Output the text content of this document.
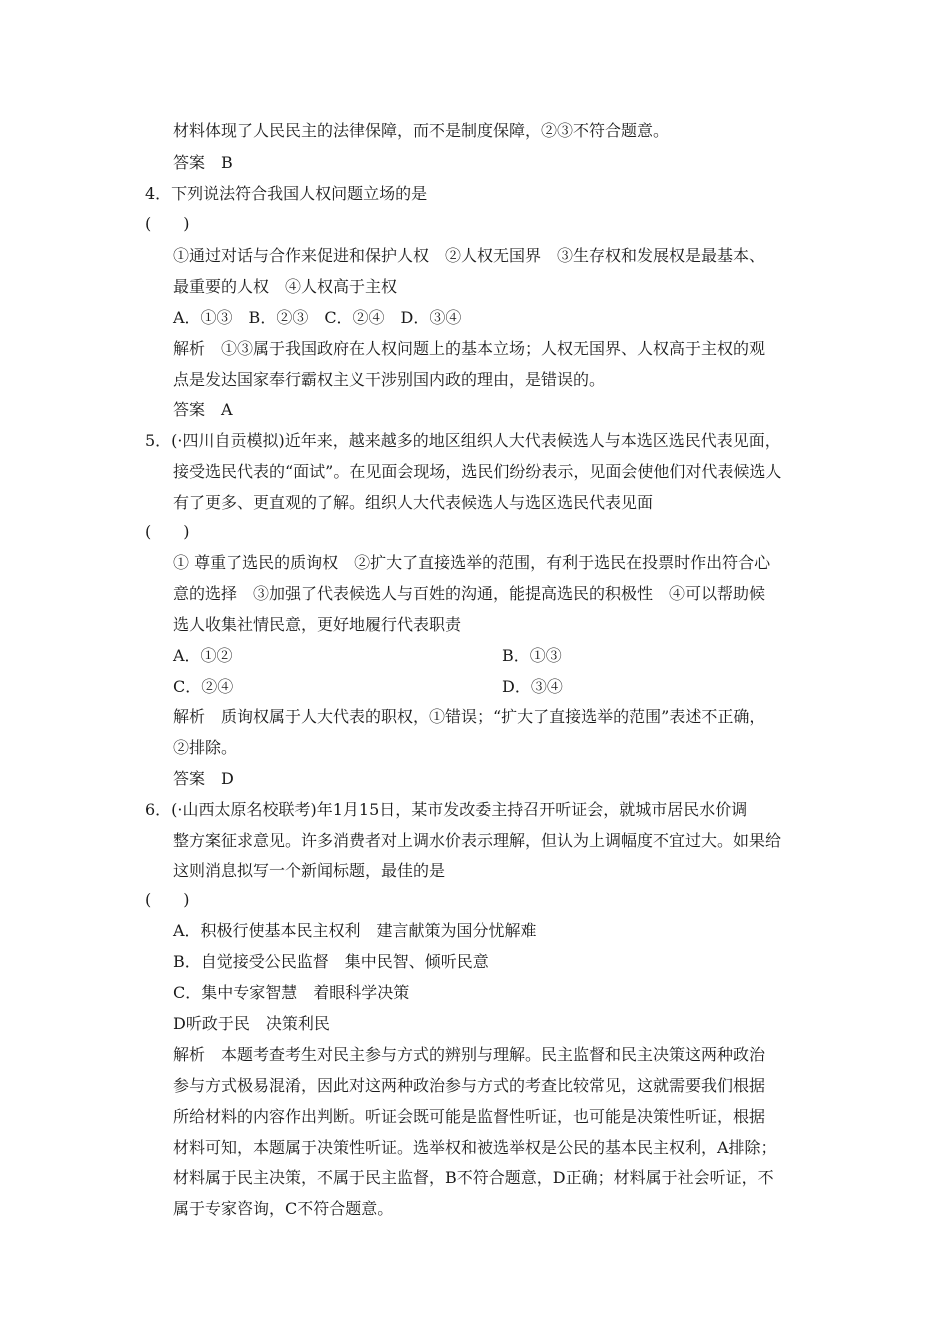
材料体现了人民民主的法律保障，而不是制度保障，②③不符合题意。
答案　B
4．下列说法符合我国人权问题立场的是
(　　)
①通过对话与合作来促进和保护人权　②人权无国界　③生存权和发展权是最基本、
最重要的人权　④人权高于主权
A．①③　B．②③　C．②④　D．③④
解析　①③属于我国政府在人权问题上的基本立场；人权无国界、人权高于主权的观
点是发达国家奉行霸权主义干涉别国内政的理由，是错误的。
答案　A
5．(·四川自贡模拟)近年来，越来越多的地区组织人大代表候选人与本选区选民代表见面，
接受选民代表的“面试”。在见面会现场，选民们纷纷表示，见面会使他们对代表候选人
有了更多、更直观的了解。组织人大代表候选人与选区选民代表见面
(　　)
① 尊重了选民的质询权　②扩大了直接选举的范围，有利于选民在投票时作出符合心
意的选择　③加强了代表候选人与百姓的沟通，能提高选民的积极性　④可以帮助候
选人收集社情民意，更好地履行代表职责
A．①②	B．①③
C．②④	D．③④
解析　质询权属于人大代表的职权，①错误；“扩大了直接选举的范围”表述不正确，
②排除。
答案　D
6．(·山西太原名校联考)年1月15日，某市发改委主持召开听证会，就城市居民水价调
整方案征求意见。许多消费者对上调水价表示理解，但认为上调幅度不宜过大。如果给
这则消息拟写一个新闻标题，最佳的是
(　　)
A．积极行使基本民主权利　建言献策为国分忧解难
B．自觉接受公民监督　集中民智、倾听民意
C．集中专家智慧　着眼科学决策
D听政于民　决策利民
解析　本题考查考生对民主参与方式的辨别与理解。民主监督和民主决策这两种政治
参与方式极易混淆，因此对这两种政治参与方式的考查比较常见，这就需要我们根据
所给材料的内容作出判断。听证会既可能是监督性听证，也可能是决策性听证，根据
材料可知，本题属于决策性听证。选举权和被选举权是公民的基本民主权利，A排除；
材料属于民主决策，不属于民主监督，B不符合题意，D正确；材料属于社会听证，不
属于专家咨询，C不符合题意。
